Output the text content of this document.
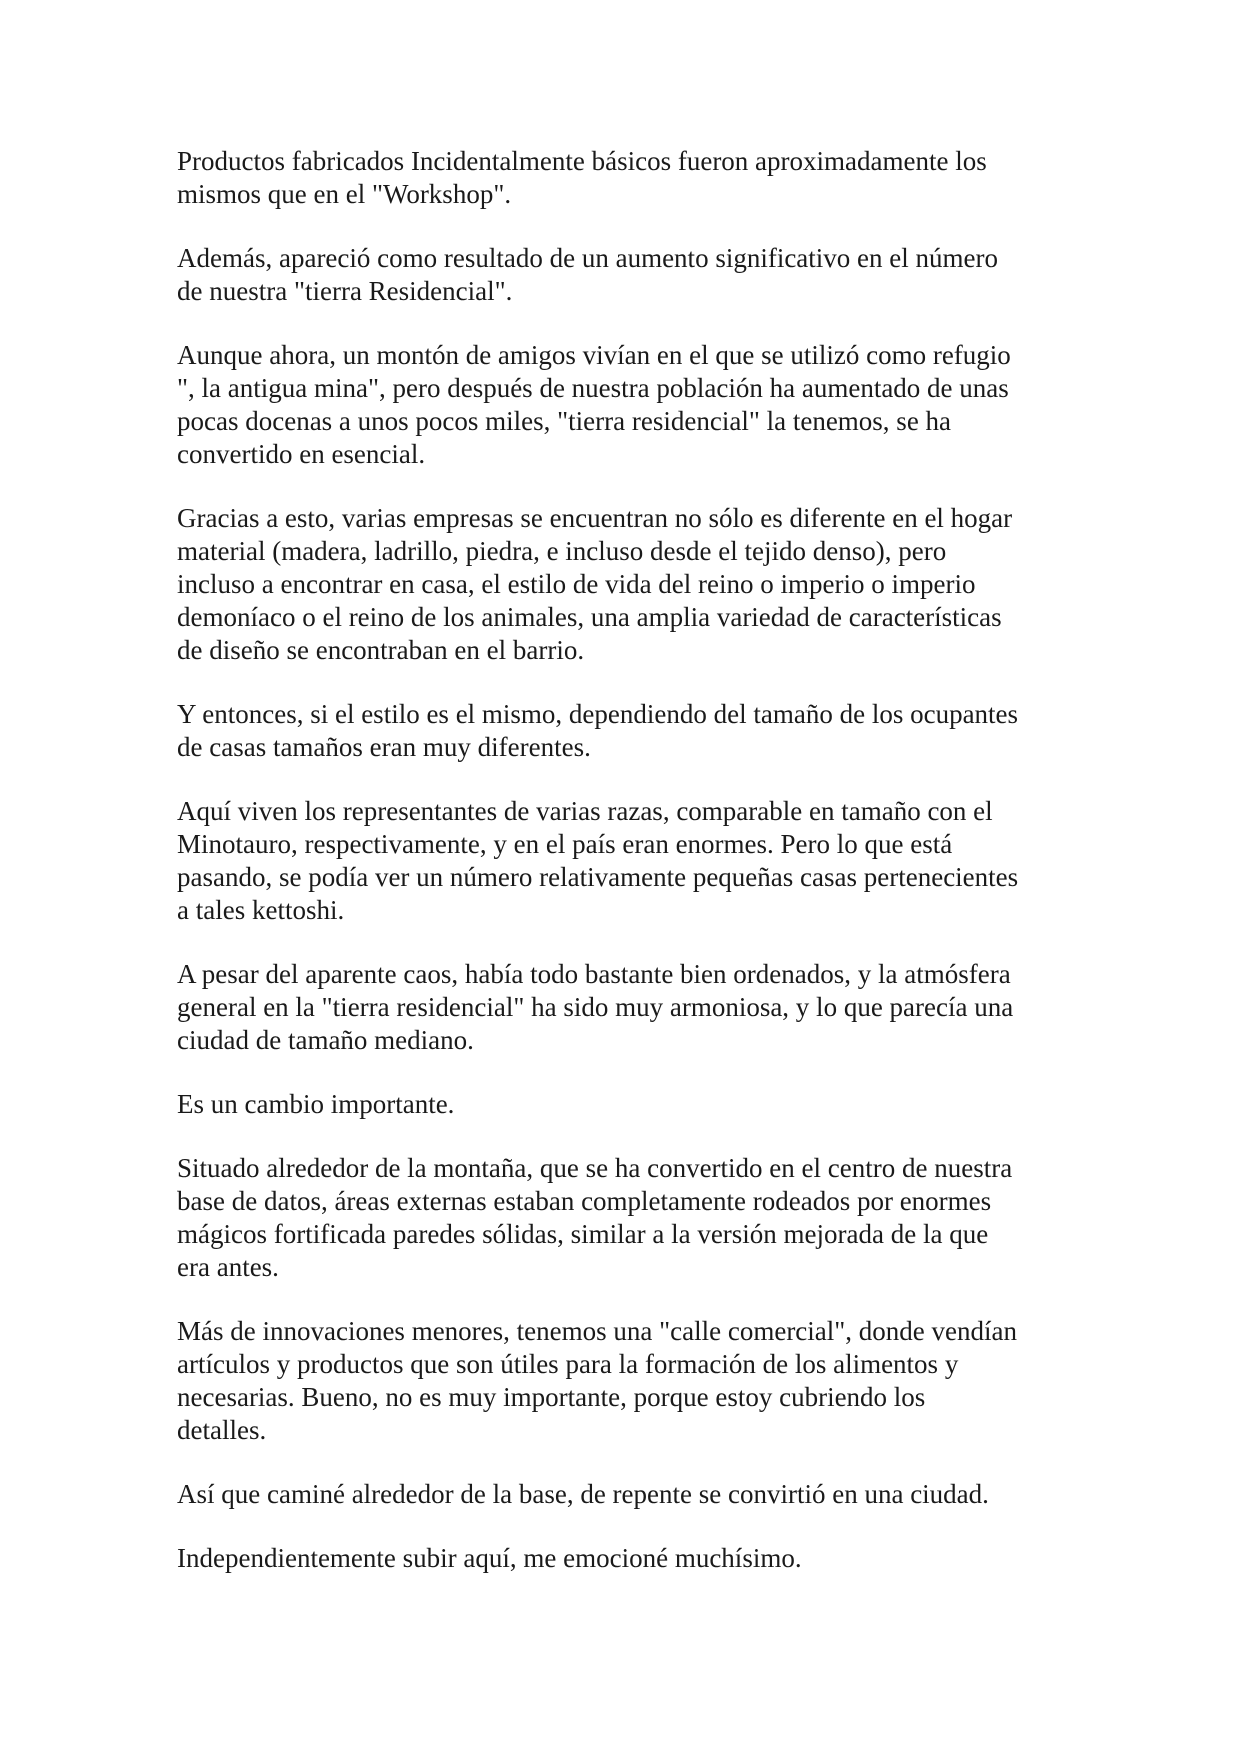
Productos fabricados Incidentalmente básicos fueron aproximadamente los
mismos que en el "Workshop".

Además, apareció como resultado de un aumento significativo en el número
de nuestra "tierra Residencial".

Aunque ahora, un montón de amigos vivían en el que se utilizó como refugio
", la antigua mina", pero después de nuestra población ha aumentado de unas
pocas docenas a unos pocos miles, "tierra residencial" la tenemos, se ha
convertido en esencial.

Gracias a esto, varias empresas se encuentran no sólo es diferente en el hogar
material (madera, ladrillo, piedra, e incluso desde el tejido denso), pero
incluso a encontrar en casa, el estilo de vida del reino o imperio o imperio
demoníaco o el reino de los animales, una amplia variedad de características
de diseño se encontraban en el barrio.

Y entonces, si el estilo es el mismo, dependiendo del tamaño de los ocupantes
de casas tamaños eran muy diferentes.

Aquí viven los representantes de varias razas, comparable en tamaño con el
Minotauro, respectivamente, y en el país eran enormes. Pero lo que está
pasando, se podía ver un número relativamente pequeñas casas pertenecientes
a tales kettoshi.

A pesar del aparente caos, había todo bastante bien ordenados, y la atmósfera
general en la "tierra residencial" ha sido muy armoniosa, y lo que parecía una
ciudad de tamaño mediano.

Es un cambio importante.

Situado alrededor de la montaña, que se ha convertido en el centro de nuestra
base de datos, áreas externas estaban completamente rodeados por enormes
mágicos fortificada paredes sólidas, similar a la versión mejorada de la que
era antes.

Más de innovaciones menores, tenemos una "calle comercial", donde vendían
artículos y productos que son útiles para la formación de los alimentos y
necesarias. Bueno, no es muy importante, porque estoy cubriendo los
detalles.

Así que caminé alrededor de la base, de repente se convirtió en una ciudad.

Independientemente subir aquí, me emocioné muchísimo.
